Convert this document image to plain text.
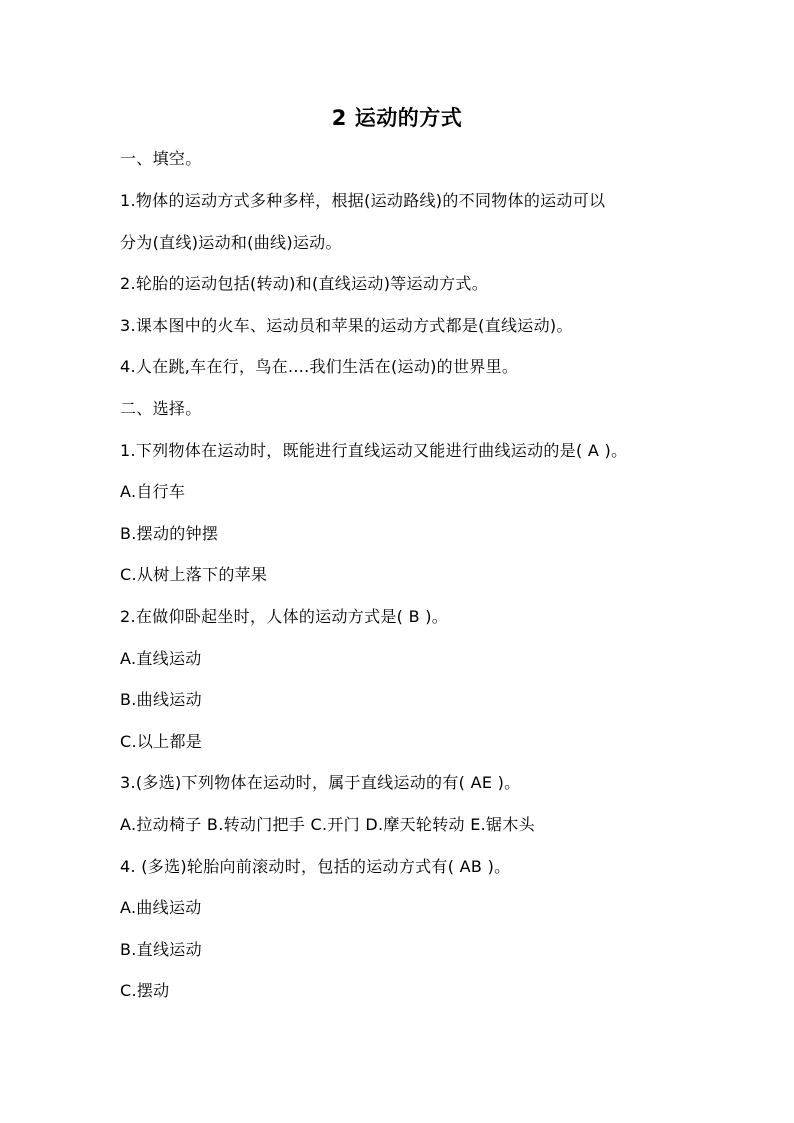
2 运动的方式
一、填空。
1.物体的运动方式多种多样，根据(运动路线)的不同物体的运动可以
分为(直线)运动和(曲线)运动。
2.轮胎的运动包括(转动)和(直线运动)等运动方式。
3.课本图中的火车、运动员和苹果的运动方式都是(直线运动)。
4.人在跳,车在行，鸟在....我们生活在(运动)的世界里。
二、选择。
1.下列物体在运动时，既能进行直线运动又能进行曲线运动的是( A )。
A.自行车
B.摆动的钟摆
C.从树上落下的苹果
2.在做仰卧起坐时，人体的运动方式是( B )。
A.直线运动
B.曲线运动
C.以上都是
3.(多选)下列物体在运动时，属于直线运动的有( AE )。
A.拉动椅子 B.转动门把手 C.开门 D.摩天轮转动 E.锯木头
4. (多选)轮胎向前滚动时，包括的运动方式有( AB )。
A.曲线运动
B.直线运动
C.摆动
